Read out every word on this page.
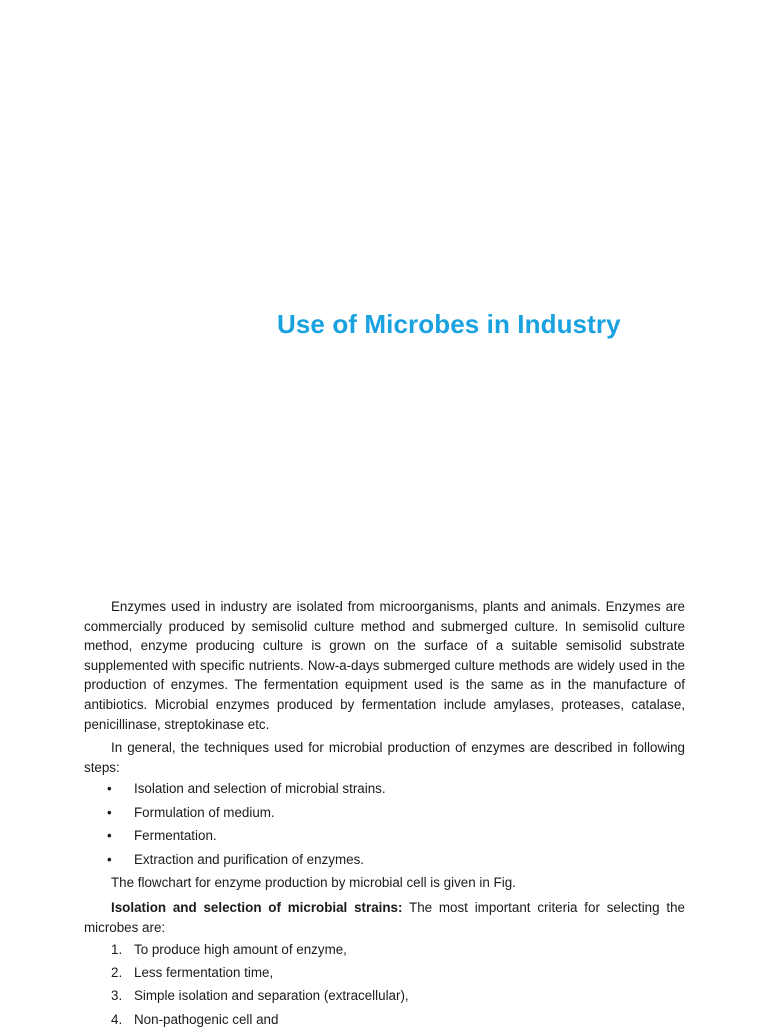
Use of Microbes in Industry

Enzymes used in industry are isolated from microorganisms, plants and animals. Enzymes are commercially produced by semisolid culture method and submerged culture. In semisolid culture method, enzyme producing culture is grown on the surface of a suitable semisolid substrate supplemented with specific nutrients. Now-a-days submerged culture methods are widely used in the production of enzymes. The fermentation equipment used is the same as in the manufacture of antibiotics. Microbial enzymes produced by fermentation include amylases, proteases, catalase, penicillinase, streptokinase etc.

In general, the techniques used for microbial production of enzymes are described in following steps:

• Isolation and selection of microbial strains.
• Formulation of medium.
• Fermentation.
• Extraction and purification of enzymes.

The flowchart for enzyme production by microbial cell is given in Fig.

Isolation and selection of microbial strains: The most important criteria for selecting the microbes are:

1. To produce high amount of enzyme,
2. Less fermentation time,
3. Simple isolation and separation (extracellular),
4. Non-pathogenic cell and
